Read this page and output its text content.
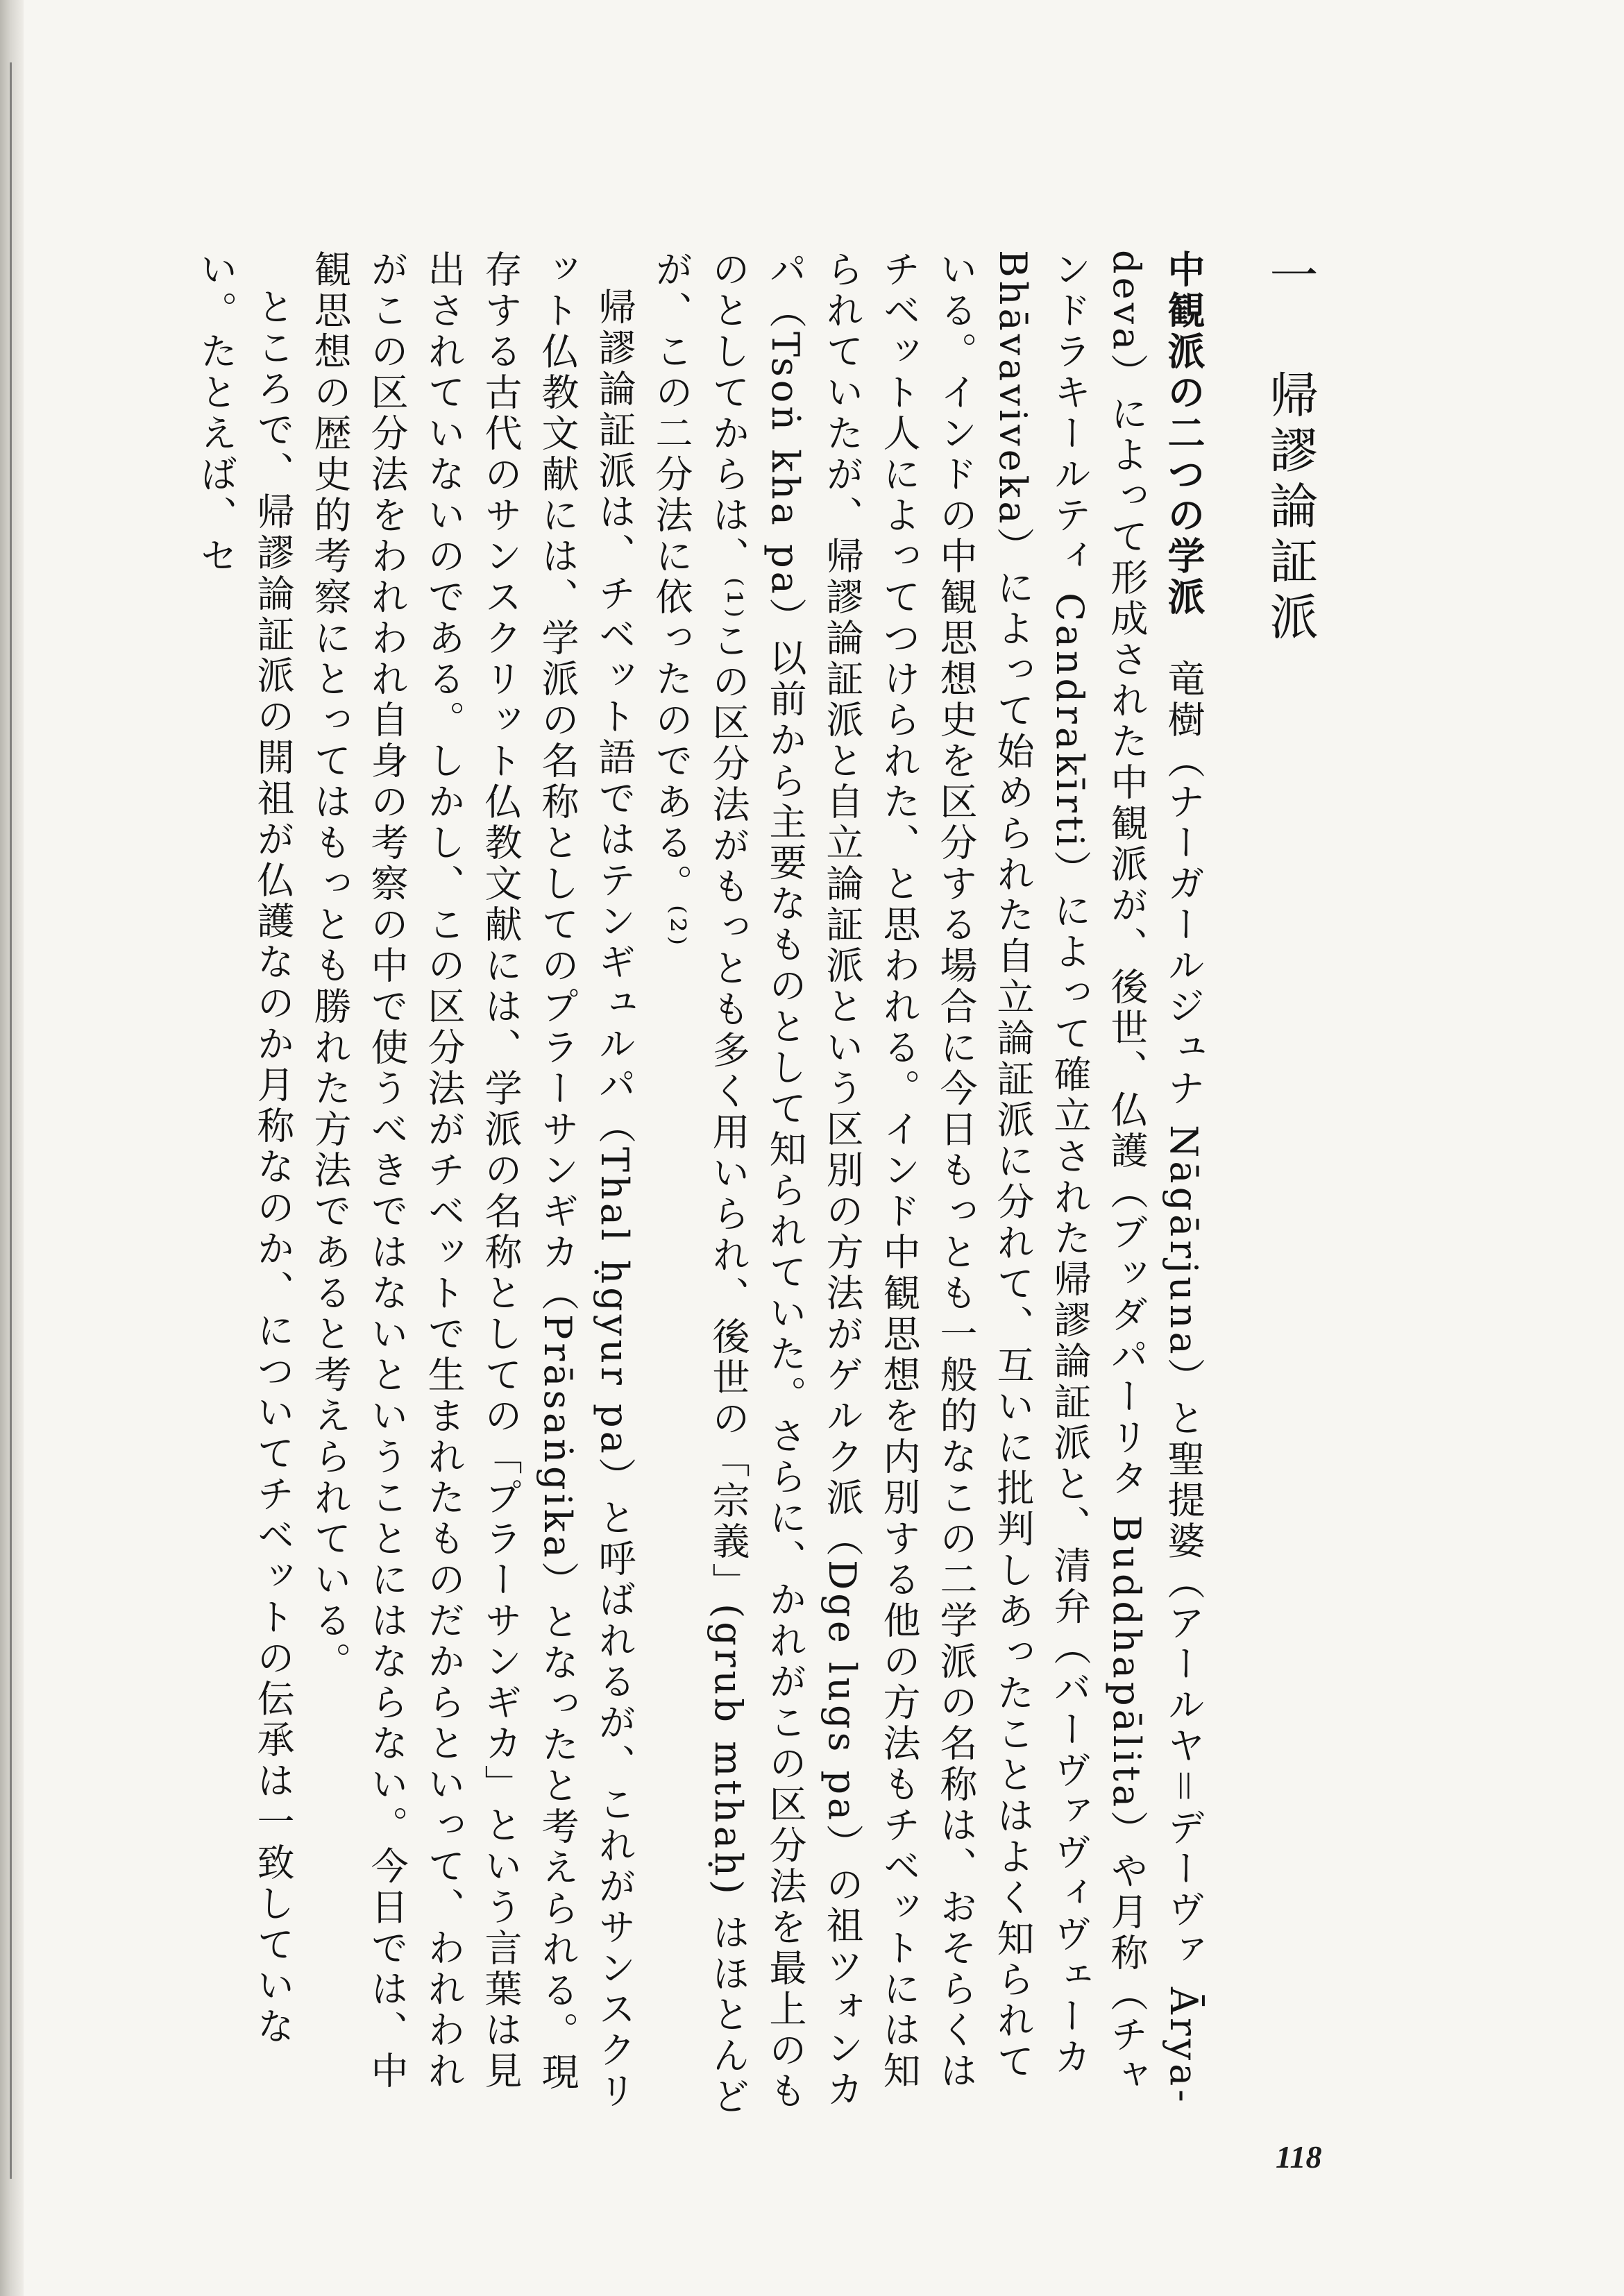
一 帰謬論証派

中観派の二つの学派　竜樹（ナーガールジュナ Nāgārjuna）と聖提婆（アールヤ＝デーヴァ Ārya-deva）によって形成された中観派が、後世、仏護（ブッダパーリタ Buddhapālita）や月称（チャンドラキールティ Candrakīrti）によって確立された帰謬論証派と、清弁（バーヴァヴィヴェーカ Bhāvaviveka）によって始められた自立論証派に分れて、互いに批判しあったことはよく知られている。インドの中観思想史を区分する場合に今日もっとも一般的なこの二学派の名称は、おそらくはチベット人によってつけられた、と思われる。インド中観思想を内別する他の方法もチベットには知られていたが、帰謬論証派と自立論証派という区別の方法がゲルク派（Dge lugs pa）の祖ツォンカパ（Tsoṅ kha pa）以前から主要なものとして知られていた。さらに、かれがこの区分法を最上のものとしてからは、⁽¹⁾この区分法がもっとも多く用いられ、後世の「宗義」(grub mthaḥ) はほとんどが、この二分法に依ったのである。⁽²⁾

帰謬論証派は、チベット語ではテンギュルパ（Thal ḥgyur pa）と呼ばれるが、これがサンスクリット仏教文献には、学派の名称としてのプラーサンギカ（Prāsaṅgika）となったと考えられる。現存する古代のサンスクリット仏教文献には、学派の名称としての「プラーサンギカ」という言葉は見出されていないのである。しかし、この区分法がチベットで生まれたものだからといって、われわれがこの区分法をわれわれ自身の考察の中で使うべきではないということにはならない。今日では、中観思想の歴史的考察にとってはもっとも勝れた方法であると考えられている。

ところで、帰謬論証派の開祖が仏護なのか月称なのか、についてチベットの伝承は一致していない。たとえば、セ

118
